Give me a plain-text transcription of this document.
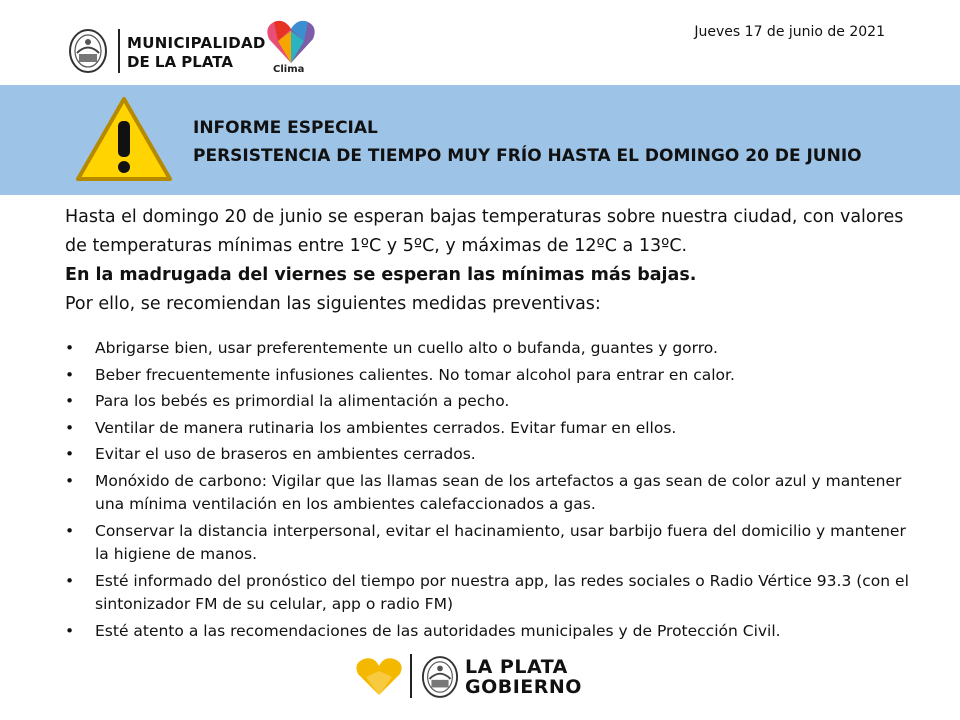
MUNICIPALIDAD
DE LA PLATA	Clima
Jueves 17 de junio de 2021
INFORME ESPECIAL
PERSISTENCIA DE TIEMPO MUY FRÍO HASTA EL DOMINGO 20 DE JUNIO
Hasta el domingo 20 de junio se esperan bajas temperaturas sobre nuestra ciudad, con valores de temperaturas mínimas entre 1ºC y 5ºC, y máximas de 12ºC a 13ºC.
En la madrugada del viernes se esperan las mínimas más bajas.
Por ello, se recomiendan las siguientes medidas preventivas:
• Abrigarse bien, usar preferentemente un cuello alto o bufanda, guantes y gorro.
• Beber frecuentemente infusiones calientes. No tomar alcohol para entrar en calor.
• Para los bebés es primordial la alimentación a pecho.
• Ventilar de manera rutinaria los ambientes cerrados. Evitar fumar en ellos.
• Evitar el uso de braseros en ambientes cerrados.
• Monóxido de carbono: Vigilar que las llamas sean de los artefactos a gas sean de color azul y mantener una mínima ventilación en los ambientes calefaccionados a gas.
• Conservar la distancia interpersonal, evitar el hacinamiento, usar barbijo fuera del domicilio y mantener la higiene de manos.
• Esté informado del pronóstico del tiempo por nuestra app, las redes sociales o Radio Vértice 93.3 (con el sintonizador FM de su celular, app o radio FM)
• Esté atento a las recomendaciones de las autoridades municipales y de Protección Civil.
LA PLATA
GOBIERNO
